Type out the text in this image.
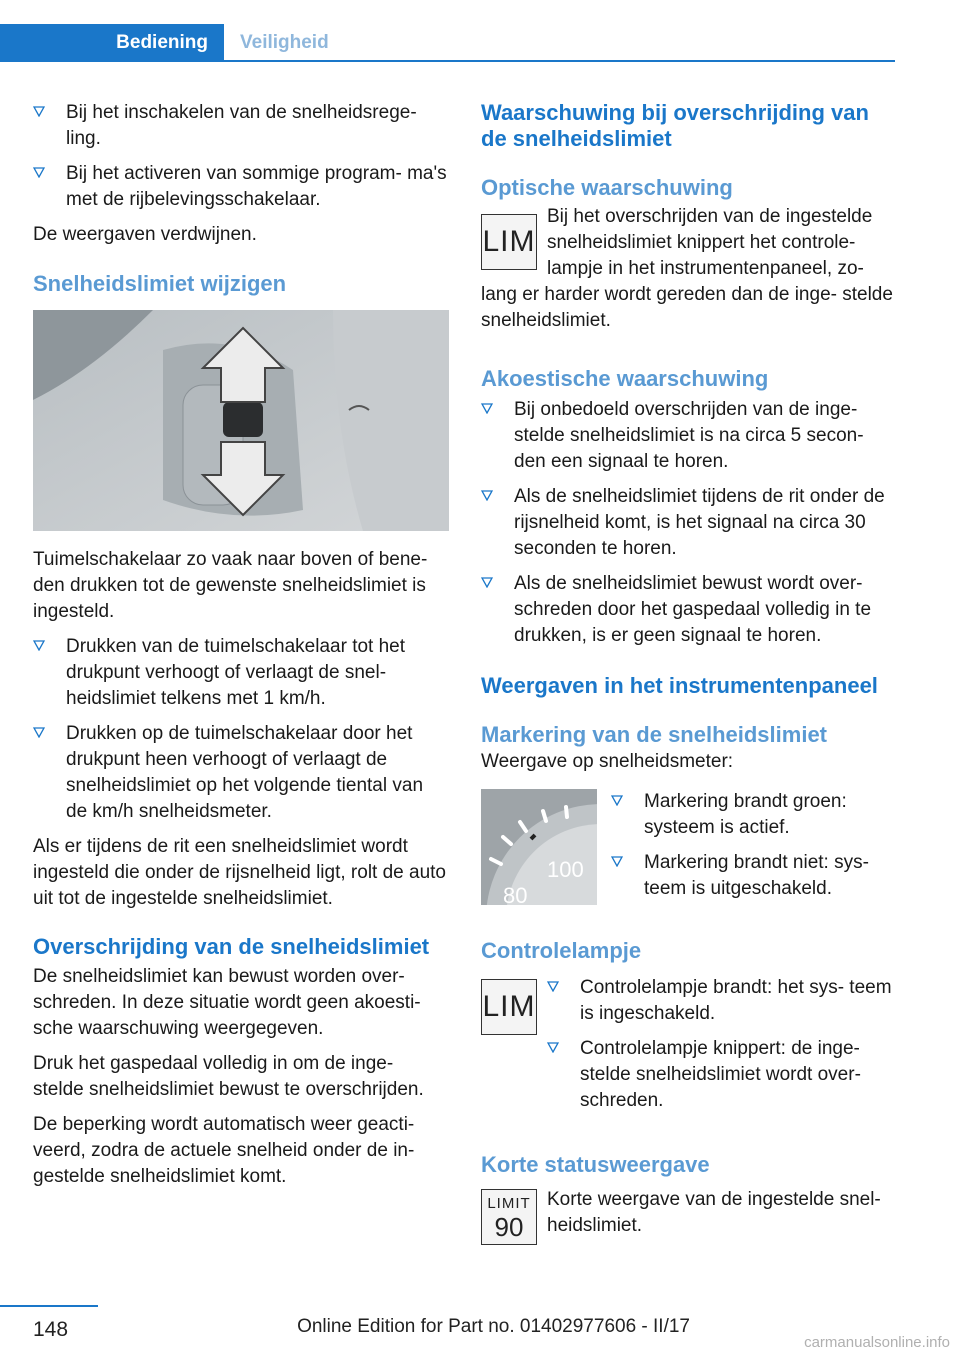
Bediening	Veiligheid
Bij het inschakelen van de snelheidsrege‐ ling.
Bij het activeren van sommige program‐ ma's met de rijbelevingsschakelaar.

De weergaven verdwijnen.

Snelheidslimiet wijzigen

Tuimelschakelaar zo vaak naar boven of bene‐ den drukken tot de gewenste snelheidslimiet is ingesteld.

Drukken van de tuimelschakelaar tot het drukpunt verhoogt of verlaagt de snel‐ heidslimiet telkens met 1 km/h.
Drukken op de tuimelschakelaar door het drukpunt heen verhoogt of verlaagt de snelheidslimiet op het volgende tiental van de km/h snelheidsmeter.

Als er tijdens de rit een snelheidslimiet wordt ingesteld die onder de rijsnelheid ligt, rolt de auto uit tot de ingestelde snelheidslimiet.

Overschrijding van de snelheidslimiet

De snelheidslimiet kan bewust worden over‐ schreden. In deze situatie wordt geen akoesti‐ sche waarschuwing weergegeven.

Druk het gaspedaal volledig in om de inge‐ stelde snelheidslimiet bewust te overschrijden.

De beperking wordt automatisch weer geacti‐ veerd, zodra de actuele snelheid onder de in‐ gestelde snelheidslimiet komt.

Waarschuwing bij overschrijding van de snelheidslimiet
Optische waarschuwing
LIM

Bij het overschrijden van de ingestelde snelheidslimiet knippert het controle‐ lampje in het instrumentenpaneel, zo‐ lang er harder wordt gereden dan de inge‐ stelde snelheidslimiet.

Akoestische waarschuwing
Bij onbedoeld overschrijden van de inge‐ stelde snelheidslimiet is na circa 5 secon‐ den een signaal te horen.
Als de snelheidslimiet tijdens de rit onder de rijsnelheid komt, is het signaal na circa 30 seconden te horen.
Als de snelheidslimiet bewust wordt over‐ schreden door het gaspedaal volledig in te drukken, is er geen signaal te horen.
Weergaven in het instrumentenpaneel
Markering van de snelheidslimiet

Weergave op snelheidsmeter:

100
80
Markering brandt groen: systeem is actief.
Markering brandt niet: sys‐ teem is uitgeschakeld.
Controlelampje
LIM
Controlelampje brandt: het sys‐ teem is ingeschakeld.
Controlelampje knippert: de inge‐ stelde snelheidslimiet wordt over‐ schreden.
Korte statusweergave
LIMIT
90
Korte weergave van de ingestelde snel‐ heidslimiet.
148	Online Edition for Part no. 01402977606 - II/17
carmanualsonline.info
